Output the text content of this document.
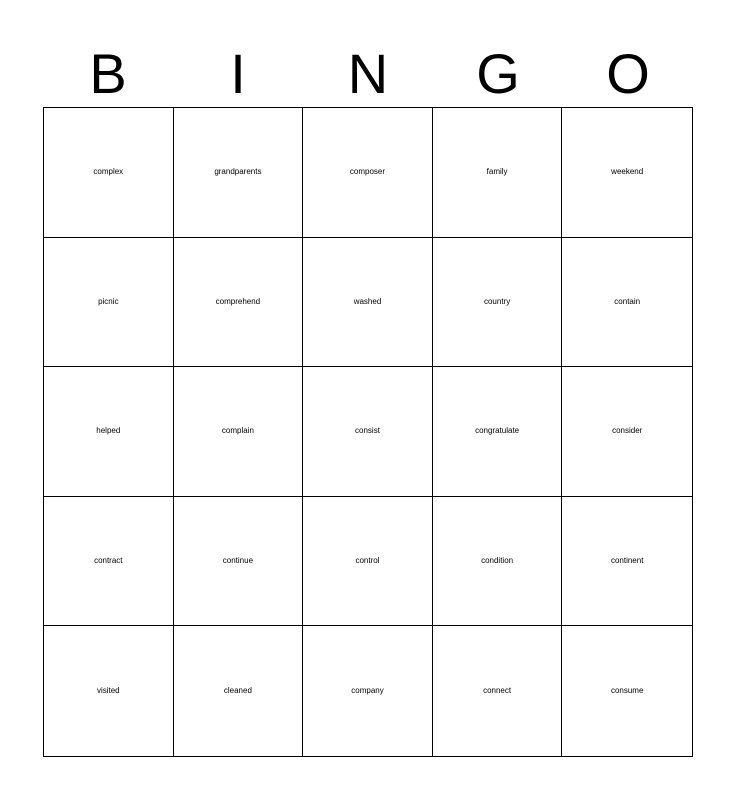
B	I	N	G	O
complex	grandparents	composer	family	weekend
picnic	comprehend	washed	country	contain
helped	complain	consist	congratulate	consider
contract	continue	control	condition	continent
visited	cleaned	company	connect	consume
